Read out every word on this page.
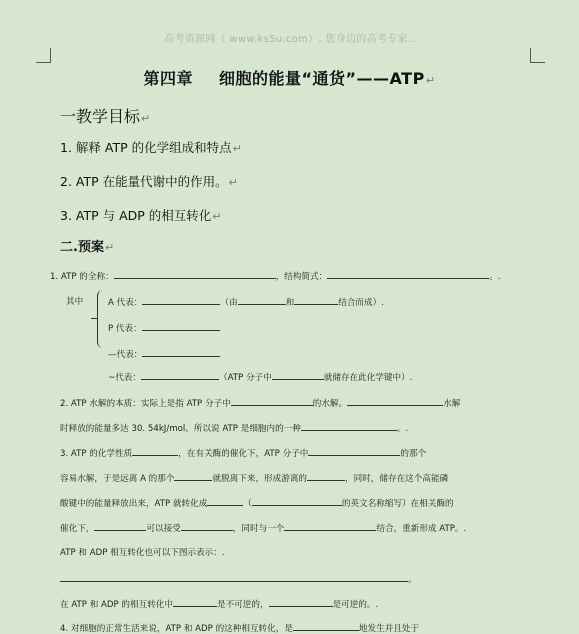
高考资源网（ www.ks5u.com）, 您身边的高考专家..
第四章 细胞的能量“通货”——ATP↵
一教学目标↵
1. 解释 ATP 的化学组成和特点↵
2. ATP 在能量代谢中的作用。↵
3. ATP 与 ADP 的相互转化↵
二.预案↵
1. ATP 的全称：	，结构简式：	。.
其中	A 代表：	（由	和	结合而成）.
P 代表：
—代表：
~代表：	（ATP 分子中	就储存在此化学键中）.
2. ATP 水解的本质：实际上是指 ATP 分子中	的水解。	水解
时释放的能量多达 30. 54kJ/mol。所以说 ATP 是细胞内的一种	。.
3. ATP 的化学性质	，在有关酶的催化下，ATP 分子中	的那个
容易水解，于是远离 A 的那个	就脱离下来，形成游离的	，同时，储存在这个高能磷
酸键中的能量释放出来，ATP 就转化成	（	的英文名称缩写）在相关酶的
催化下，	可以接受	，同时与一个	结合，重新形成 ATP。.
ATP 和 ADP 相互转化也可以下图示表示：.
。
在 ATP 和 ADP 的相互转化中	是不可逆的，	是可逆的。.
4. 对细胞的正常生活来说，ATP 和 ADP 的这种相互转化，是	地发生并且处于
